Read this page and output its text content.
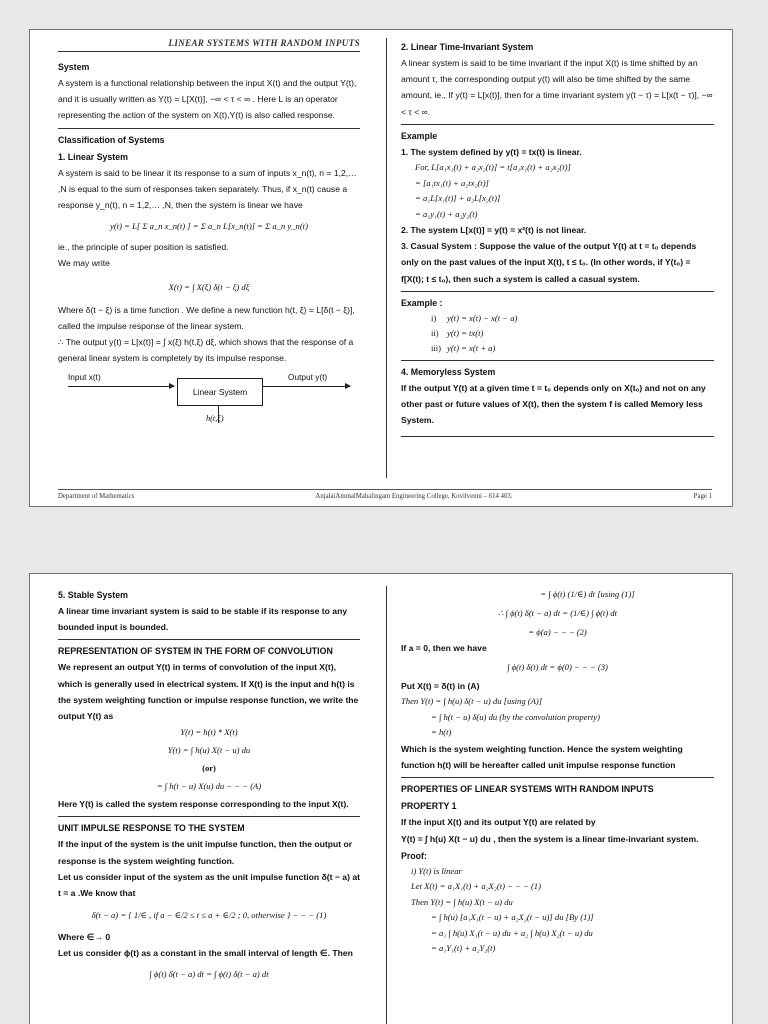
LINEAR SYSTEMS WITH RANDOM INPUTS

System

A system is a functional relationship between the input X(t) and the output Y(t), and it is usually written as Y(t) = L[X(t)], −∞ < τ < ∞ . Here L is an operator representing the action of the system on X(t),Y(t) is also called response.

Classification of Systems

1. Linear System

A system is said to be linear it its response to a sum of inputs x_n(t), n = 1,2,… ,N is equal to the sum of responses taken separately. Thus, if x_n(t) cause a response y_n(t), n = 1,2,… ,N, then the system is linear we have

y(t) = L[ Σ a_n x_n(t) ] = Σ a_n L[x_n(t)] = Σ a_n y_n(t)

ie., the principle of super position is satisfied.

We may write

X(t) = ∫ X(ξ) δ(t − ξ) dξ

Where δ(t − ξ) is a time function . We define a new function h(t, ξ) = L[δ(t − ξ)], called the impulse response of the linear system.

∴ The output y(t) = L[x(t)] = ∫ x(ξ) h(t,ξ) dξ, which shows that the response of a general linear system is completely by its impulse response.

Input x(t)
Linear System
Output y(t)
h(t,ξ)

2. Linear Time-Invariant System

A linear system is said to be time invariant if the input X(t) is time shifted by an amount τ, the corresponding output y(t) will also be time shifted by the same amount, ie., If y(t) = L[x(t)], then for a time invariant system y(t − τ) = L[x(t − τ)], −∞ < τ < ∞.

Example

1. The system defined by y(t) = tx(t) is linear.

For, L[a₁x₁(t) + a₂x₂(t)] = t[a₁x₁(t) + a₂x₂(t)]
= [a₁tx₁(t) + a₂tx₂(t)]
= a₁L[x₁(t)] + a₂L[x₂(t)]
= a₁y₁(t) + a₂y₂(t)

2. The system L[x(t)] = y(t) = x²(t) is not linear.

3. Casual System : Suppose the value of the output Y(t) at t = t₀ depends only on the past values of the input X(t), t ≤ t₀. (In other words, if Y(t₀) = f[X(t); t ≤ t₀), then such a system is called a casual system.

Example :

i) y(t) = x(t) − x(t − a)
ii) y(t) = tx(t)
iii) y(t) = x(t + a)

4. Memoryless System

If the output Y(t) at a given time t = t₀ depends only on X(t₀) and not on any other past or future values of X(t), then the system f is called Memory less System.

Department of Mathematics	AnjalaiAmmalMahalingam Engineering College, Kovilvenni – 614 403.	Page 1

5. Stable System

A linear time invariant system is said to be stable if its response to any bounded input is bounded.

REPRESENTATION OF SYSTEM IN THE FORM OF CONVOLUTION

We represent an output Y(t) in terms of convolution of the input X(t), which is generally used in electrical system. If X(t) is the input and h(t) is the system weighting function or impulse response function, we write the output Y(t) as

Y(t) = h(t) * X(t)

Y(t) = ∫ h(u) X(t − u) du

(or)

= ∫ h(t − u) X(u) du − − − (A)

Here Y(t) is called the system response corresponding to the input X(t).

UNIT IMPULSE RESPONSE TO THE SYSTEM

If the input of the system is the unit impulse function, then the output or response is the system weighting function.

Let us consider input of the system as the unit impulse function δ(t − a) at t = a .We know that

δ(t − a) = { 1/∈ , if a − ∈/2 ≤ t ≤ a + ∈/2 ; 0, otherwise } − − − (1)

Where ∈→ 0

Let us consider ϕ(t) as a constant in the small interval of length ∈. Then

∫ ϕ(t) δ(t − a) dt = ∫ ϕ(t) δ(t − a) dt

= ∫ ϕ(t) (1/∈) dt [using (1)]

∴ ∫ ϕ(t) δ(t − a) dt = (1/∈) ∫ ϕ(t) dt

= ϕ(a) − − − (2)

If a = 0, then we have

∫ ϕ(t) δ(t) dt = ϕ(0) − − − (3)

Put X(t) = δ(t) in (A)

Then Y(t) = ∫ h(u) δ(t − u) du [using (A)]

= ∫ h(t − u) δ(u) du (by the convolution property)

= h(t)

Which is the system weighting function. Hence the system weighting function h(t) will be hereafter called unit impulse response function

PROPERTIES OF LINEAR SYSTEMS WITH RANDOM INPUTS

PROPERTY 1

If the input X(t) and its output Y(t) are related by

Y(t) = ∫ h(u) X(t − u) du , then the system is a linear time-invariant system.

Proof:

i) Y(t) is linear

Let X(t) = a₁X₁(t) + a₂X₂(t) − − − (1)

Then Y(t) = ∫ h(u) X(t − u) du

= ∫ h(u) [a₁X₁(t − u) + a₂X₂(t − u)] du [By (1)]

= a₁ ∫ h(u) X₁(t − u) du + a₂ ∫ h(u) X₂(t − u) du

= a₁Y₁(t) + a₂Y₂(t)
